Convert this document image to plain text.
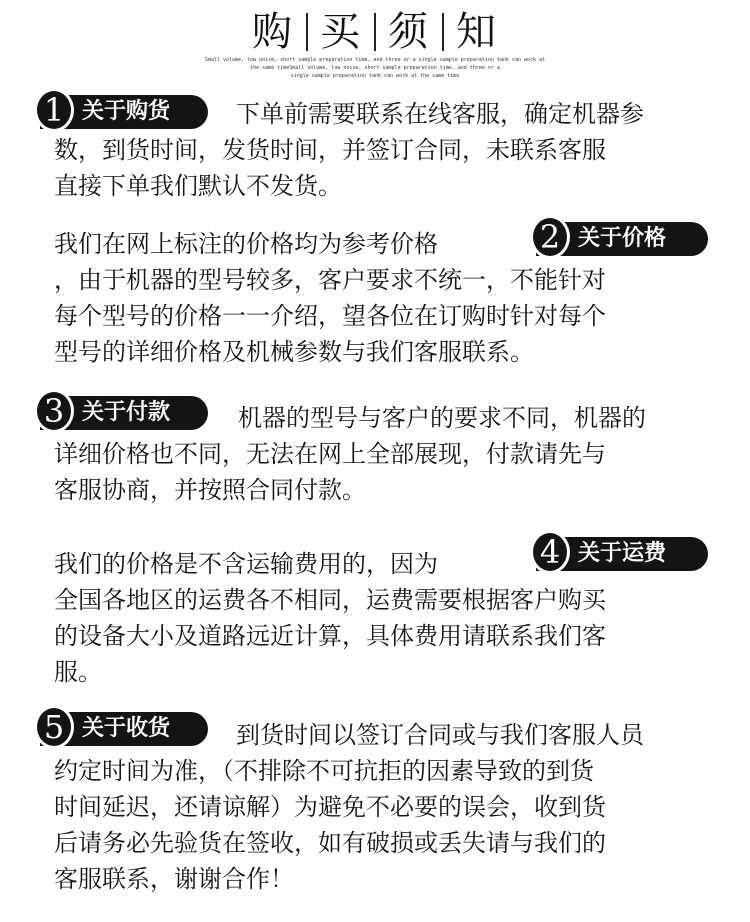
购 买 须 知
Small volume, low noise, short sample preparation time, and three or a single sample preparation tank can work at
the same timeSmall volume, low noise, short sample preparation time, and three or a
single sample preparation tank can work at the same time
1 关于购货	下单前需要联系在线客服，确定机器参
数，到货时间，发货时间，并签订合同，未联系客服
直接下单我们默认不发货。
2 关于价格
我们在网上标注的价格均为参考价格
，由于机器的型号较多，客户要求不统一，不能针对
每个型号的价格一一介绍，望各位在订购时针对每个
型号的详细价格及机械参数与我们客服联系。
3 关于付款	机器的型号与客户的要求不同，机器的
详细价格也不同，无法在网上全部展现，付款请先与
客服协商，并按照合同付款。
4 关于运费
我们的价格是不含运输费用的，因为
全国各地区的运费各不相同，运费需要根据客户购买
的设备大小及道路远近计算，具体费用请联系我们客
服。
5 关于收货	到货时间以签订合同或与我们客服人员
约定时间为准，（不排除不可抗拒的因素导致的到货
时间延迟，还请谅解）为避免不必要的误会，收到货
后请务必先验货在签收，如有破损或丢失请与我们的
客服联系，谢谢合作！
